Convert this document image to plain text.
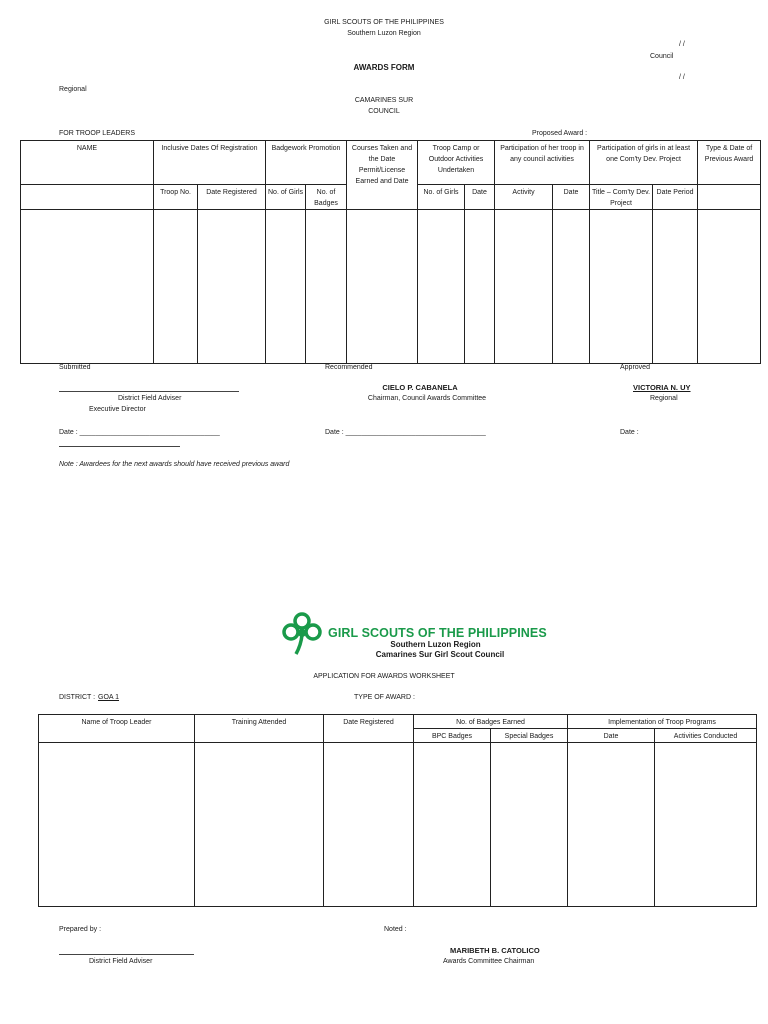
GIRL SCOUTS OF THE PHILIPPINES
Southern Luzon Region
/ /
Council
AWARDS FORM
/ /
Regional
CAMARINES SUR
COUNCIL
FOR TROOP LEADERS	Proposed Award :
NAME	Inclusive Dates Of Registration		Badgework Promotion		Courses Taken and the Date Permit/License Earned and Date	Troop Camp or Outdoor Activities Undertaken		Participation of her troop in any council activities		Participation of girls in at least one Com'ty Dev. Project		Type & Date of Previous Award
	Troop No.	Date Registered	No. of Girls	No. of Badges		No. of Girls	Date	Activity	Date	Title – Com'ty Dev. Project	Date Period	

Submitted	Recommended	Approved
CIELO P. CABANELA	VICTORIA N. UY
District Field Adviser	Chairman, Council Awards Committee	Regional
Executive Director
Date : ____________________________________	Date : ____________________________________	Date :
Note : Awardees for the next awards should have received previous award
GIRL SCOUTS OF THE PHILIPPINES
Southern Luzon Region
Camarines Sur Girl Scout Council
APPLICATION FOR AWARDS WORKSHEET
DISTRICT : GOA 1	TYPE OF AWARD :
Name of Troop Leader	Training Attended	Date Registered	No. of Badges Earned		Implementation of Troop Programs	
			BPC Badges	Special Badges	Date	Activities Conducted

Prepared by :	Noted :
MARIBETH B. CATOLICO
District Field Adviser	Awards Committee Chairman
